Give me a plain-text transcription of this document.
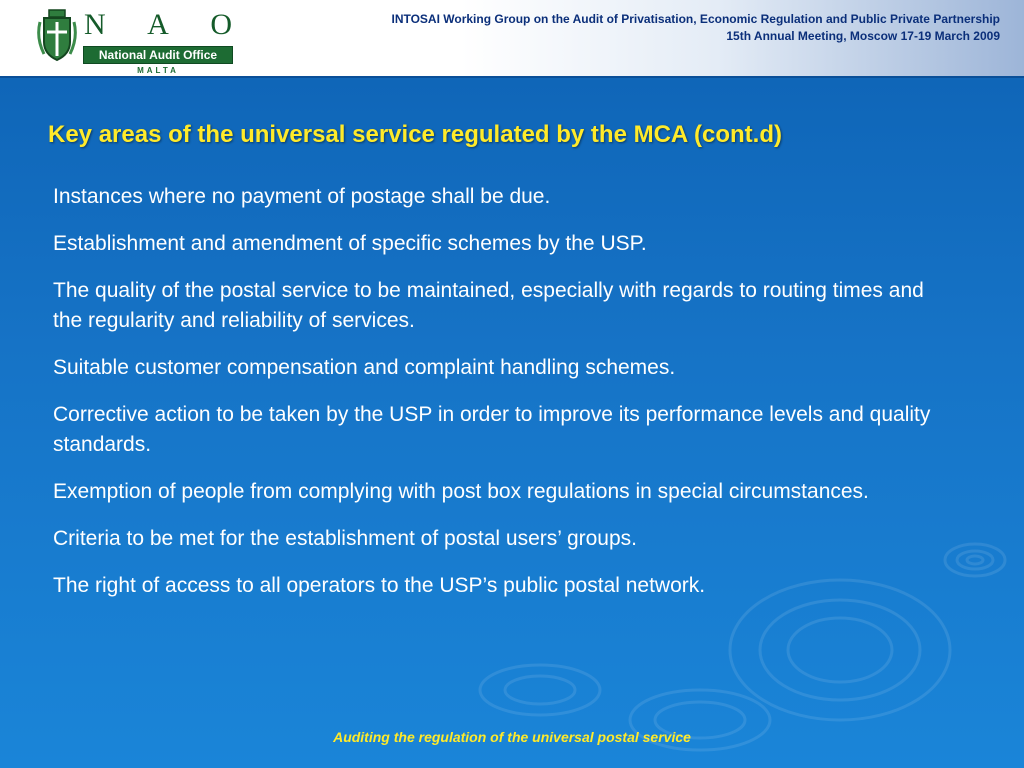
N A O
National Audit Office
MALTA
INTOSAI Working Group on the Audit of Privatisation, Economic Regulation and Public Private Partnership
15th Annual Meeting, Moscow 17-19 March 2009
Key areas of the universal service regulated by the MCA (cont.d)
Instances where no payment of postage shall be due.
Establishment and amendment of specific schemes by the USP.
The quality of the postal service to be maintained, especially with regards to routing times and the regularity and reliability of services.
Suitable customer compensation and complaint handling schemes.
Corrective action to be taken by the USP in order to improve its performance levels and quality standards.
Exemption of people from complying with post box regulations in special circumstances.
Criteria to be met for the establishment of postal users’ groups.
The right of access to all operators to the USP’s public postal network.
Auditing the regulation of the universal postal service
